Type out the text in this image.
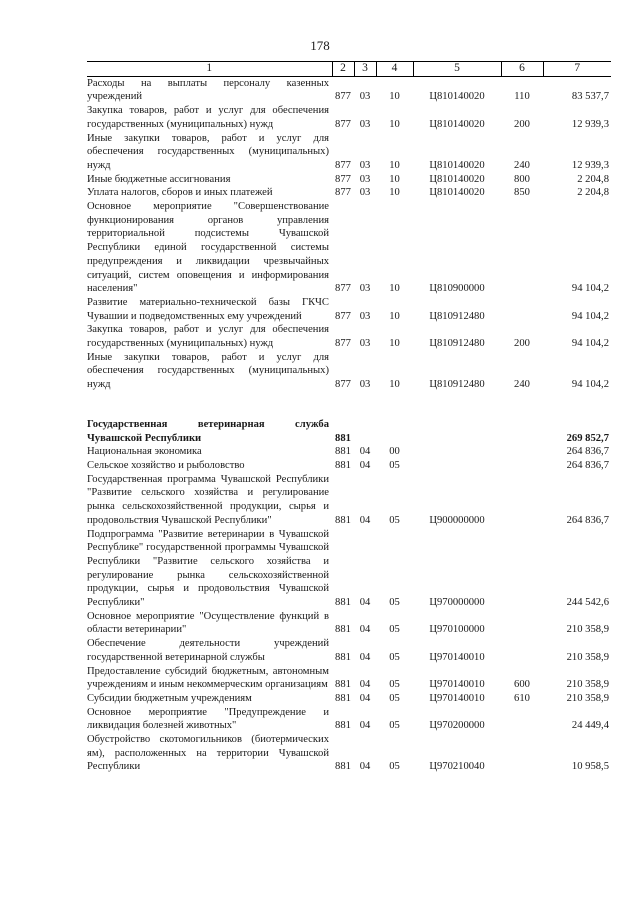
178
1	2	3	4	5	6	7
Расходы на выплаты персоналу казенных учреждений	877	03	10	Ц810140020	110	83 537,7
Закупка товаров, работ и услуг для обеспечения государственных (муниципальных) нужд	877	03	10	Ц810140020	200	12 939,3
Иные закупки товаров, работ и услуг для обеспечения государственных (муниципальных) нужд	877	03	10	Ц810140020	240	12 939,3
Иные бюджетные ассигнования	877	03	10	Ц810140020	800	2 204,8
Уплата налогов, сборов и иных платежей	877	03	10	Ц810140020	850	2 204,8
Основное мероприятие "Совершенствование функционирования органов управления территориальной подсистемы Чувашской Республики единой государственной системы предупреждения и ликвидации чрезвычайных ситуаций, систем оповещения и информирования населения"	877	03	10	Ц810900000		94 104,2
Развитие материально-технической базы ГКЧС Чувашии и подведомственных ему учреждений	877	03	10	Ц810912480		94 104,2
Закупка товаров, работ и услуг для обеспечения государственных (муниципальных) нужд	877	03	10	Ц810912480	200	94 104,2
Иные закупки товаров, работ и услуг для обеспечения государственных (муниципальных) нужд	877	03	10	Ц810912480	240	94 104,2

Государственная ветеринарная служба Чувашской Республики	881					269 852,7
Национальная экономика	881	04	00			264 836,7
Сельское хозяйство и рыболовство	881	04	05			264 836,7
Государственная программа Чувашской Республики "Развитие сельского хозяйства и регулирование рынка сельскохозяйственной продукции, сырья и продовольствия Чувашской Республики"	881	04	05	Ц900000000		264 836,7
Подпрограмма "Развитие ветеринарии в Чувашской Республике" государственной программы Чувашской Республики "Развитие сельского хозяйства и регулирование рынка сельскохозяйственной продукции, сырья и продовольствия Чувашской Республики"	881	04	05	Ц970000000		244 542,6
Основное мероприятие "Осуществление функций в области ветеринарии"	881	04	05	Ц970100000		210 358,9
Обеспечение деятельности учреждений государственной ветеринарной службы	881	04	05	Ц970140010		210 358,9
Предоставление субсидий бюджетным, автономным учреждениям и иным некоммерческим организациям	881	04	05	Ц970140010	600	210 358,9
Субсидии бюджетным учреждениям	881	04	05	Ц970140010	610	210 358,9
Основное мероприятие "Предупреждение и ликвидация болезней животных"	881	04	05	Ц970200000		24 449,4
Обустройство скотомогильников (биотермических ям), расположенных на территории Чувашской Республики	881	04	05	Ц970210040		10 958,5
